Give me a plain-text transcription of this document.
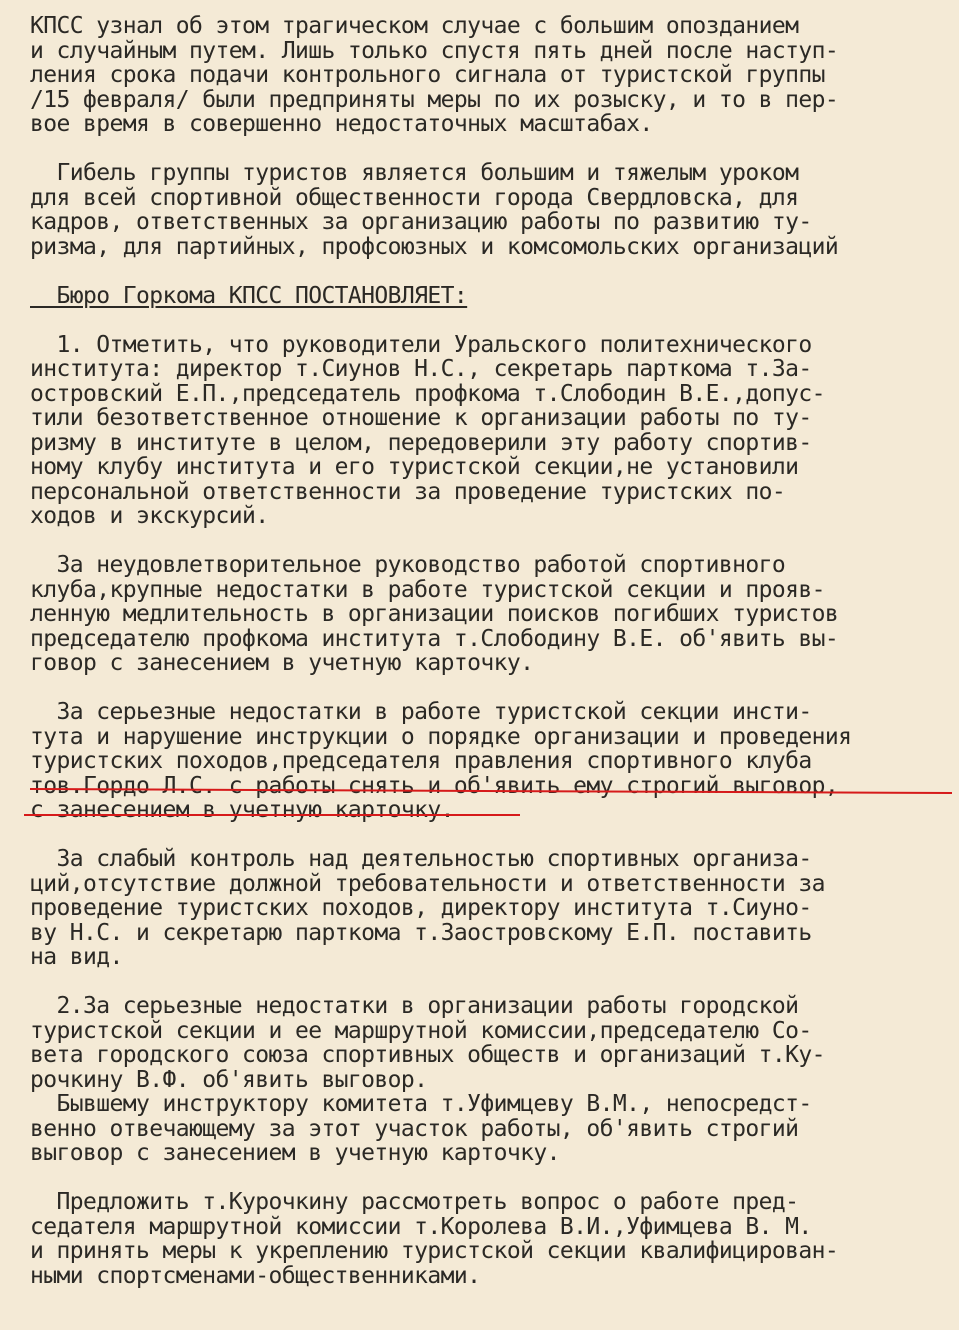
КПСС узнал об этом трагическом случае с большим опозданием
и случайным путем. Лишь только спустя пять дней после наступ-
ления срока подачи контрольного сигнала от туристской группы
/15 февраля/ были предприняты меры по их розыску, и то в пер-
вое время в совершенно недостаточных масштабах.
Гибель группы туристов является большим и тяжелым уроком
для всей спортивной общественности города Свердловска, для
кадров, ответственных за организацию работы по развитию ту-
ризма, для партийных, профсоюзных и комсомольских организаций
Бюро Горкома КПСС ПОСТАНОВЛЯЕТ:
1. Отметить, что руководители Уральского политехнического
института: директор т.Сиунов Н.С., секретарь парткома т.За-
островский Е.П.,председатель профкома т.Слободин В.Е.,допус-
тили безответственное отношение к организации работы по ту-
ризму в институте в целом, передоверили эту работу спортив-
ному клубу института и его туристской секции,не установили
персональной ответственности за проведение туристских по-
ходов и экскурсий.
За неудовлетворительное руководство работой спортивного
клуба,крупные недостатки в работе туристской секции и прояв-
ленную медлительность в организации поисков погибших туристов
председателю профкома института т.Слободину В.Е. об'явить вы-
говор с занесением в учетную карточку.
За серьезные недостатки в работе туристской секции инсти-
тута и нарушение инструкции о порядке организации и проведения
туристских походов,председателя правления спортивного клуба
тов.Гордо Л.С. с работы снять и об'явить ему строгий выговор,
с занесением в учетную карточку.
За слабый контроль над деятельностью спортивных организа-
ций,отсутствие должной требовательности и ответственности за
проведение туристских походов, директору института т.Сиуно-
ву Н.С. и секретарю парткома т.Заостровскому Е.П. поставить
на вид.
2.За серьезные недостатки в организации работы городской
туристской секции и ее маршрутной комиссии,председателю Со-
вета городского союза спортивных обществ и организаций т.Ку-
рочкину В.Ф. об'явить выговор.
Бывшему инструктору комитета т.Уфимцеву В.М., непосредст-
венно отвечающему за этот участок работы, об'явить строгий
выговор с занесением в учетную карточку.
Предложить т.Курочкину рассмотреть вопрос о работе пред-
седателя маршрутной комиссии т.Королева В.И.,Уфимцева В. М.
и принять меры к укреплению туристской секции квалифицирован-
ными спортсменами-общественниками.
